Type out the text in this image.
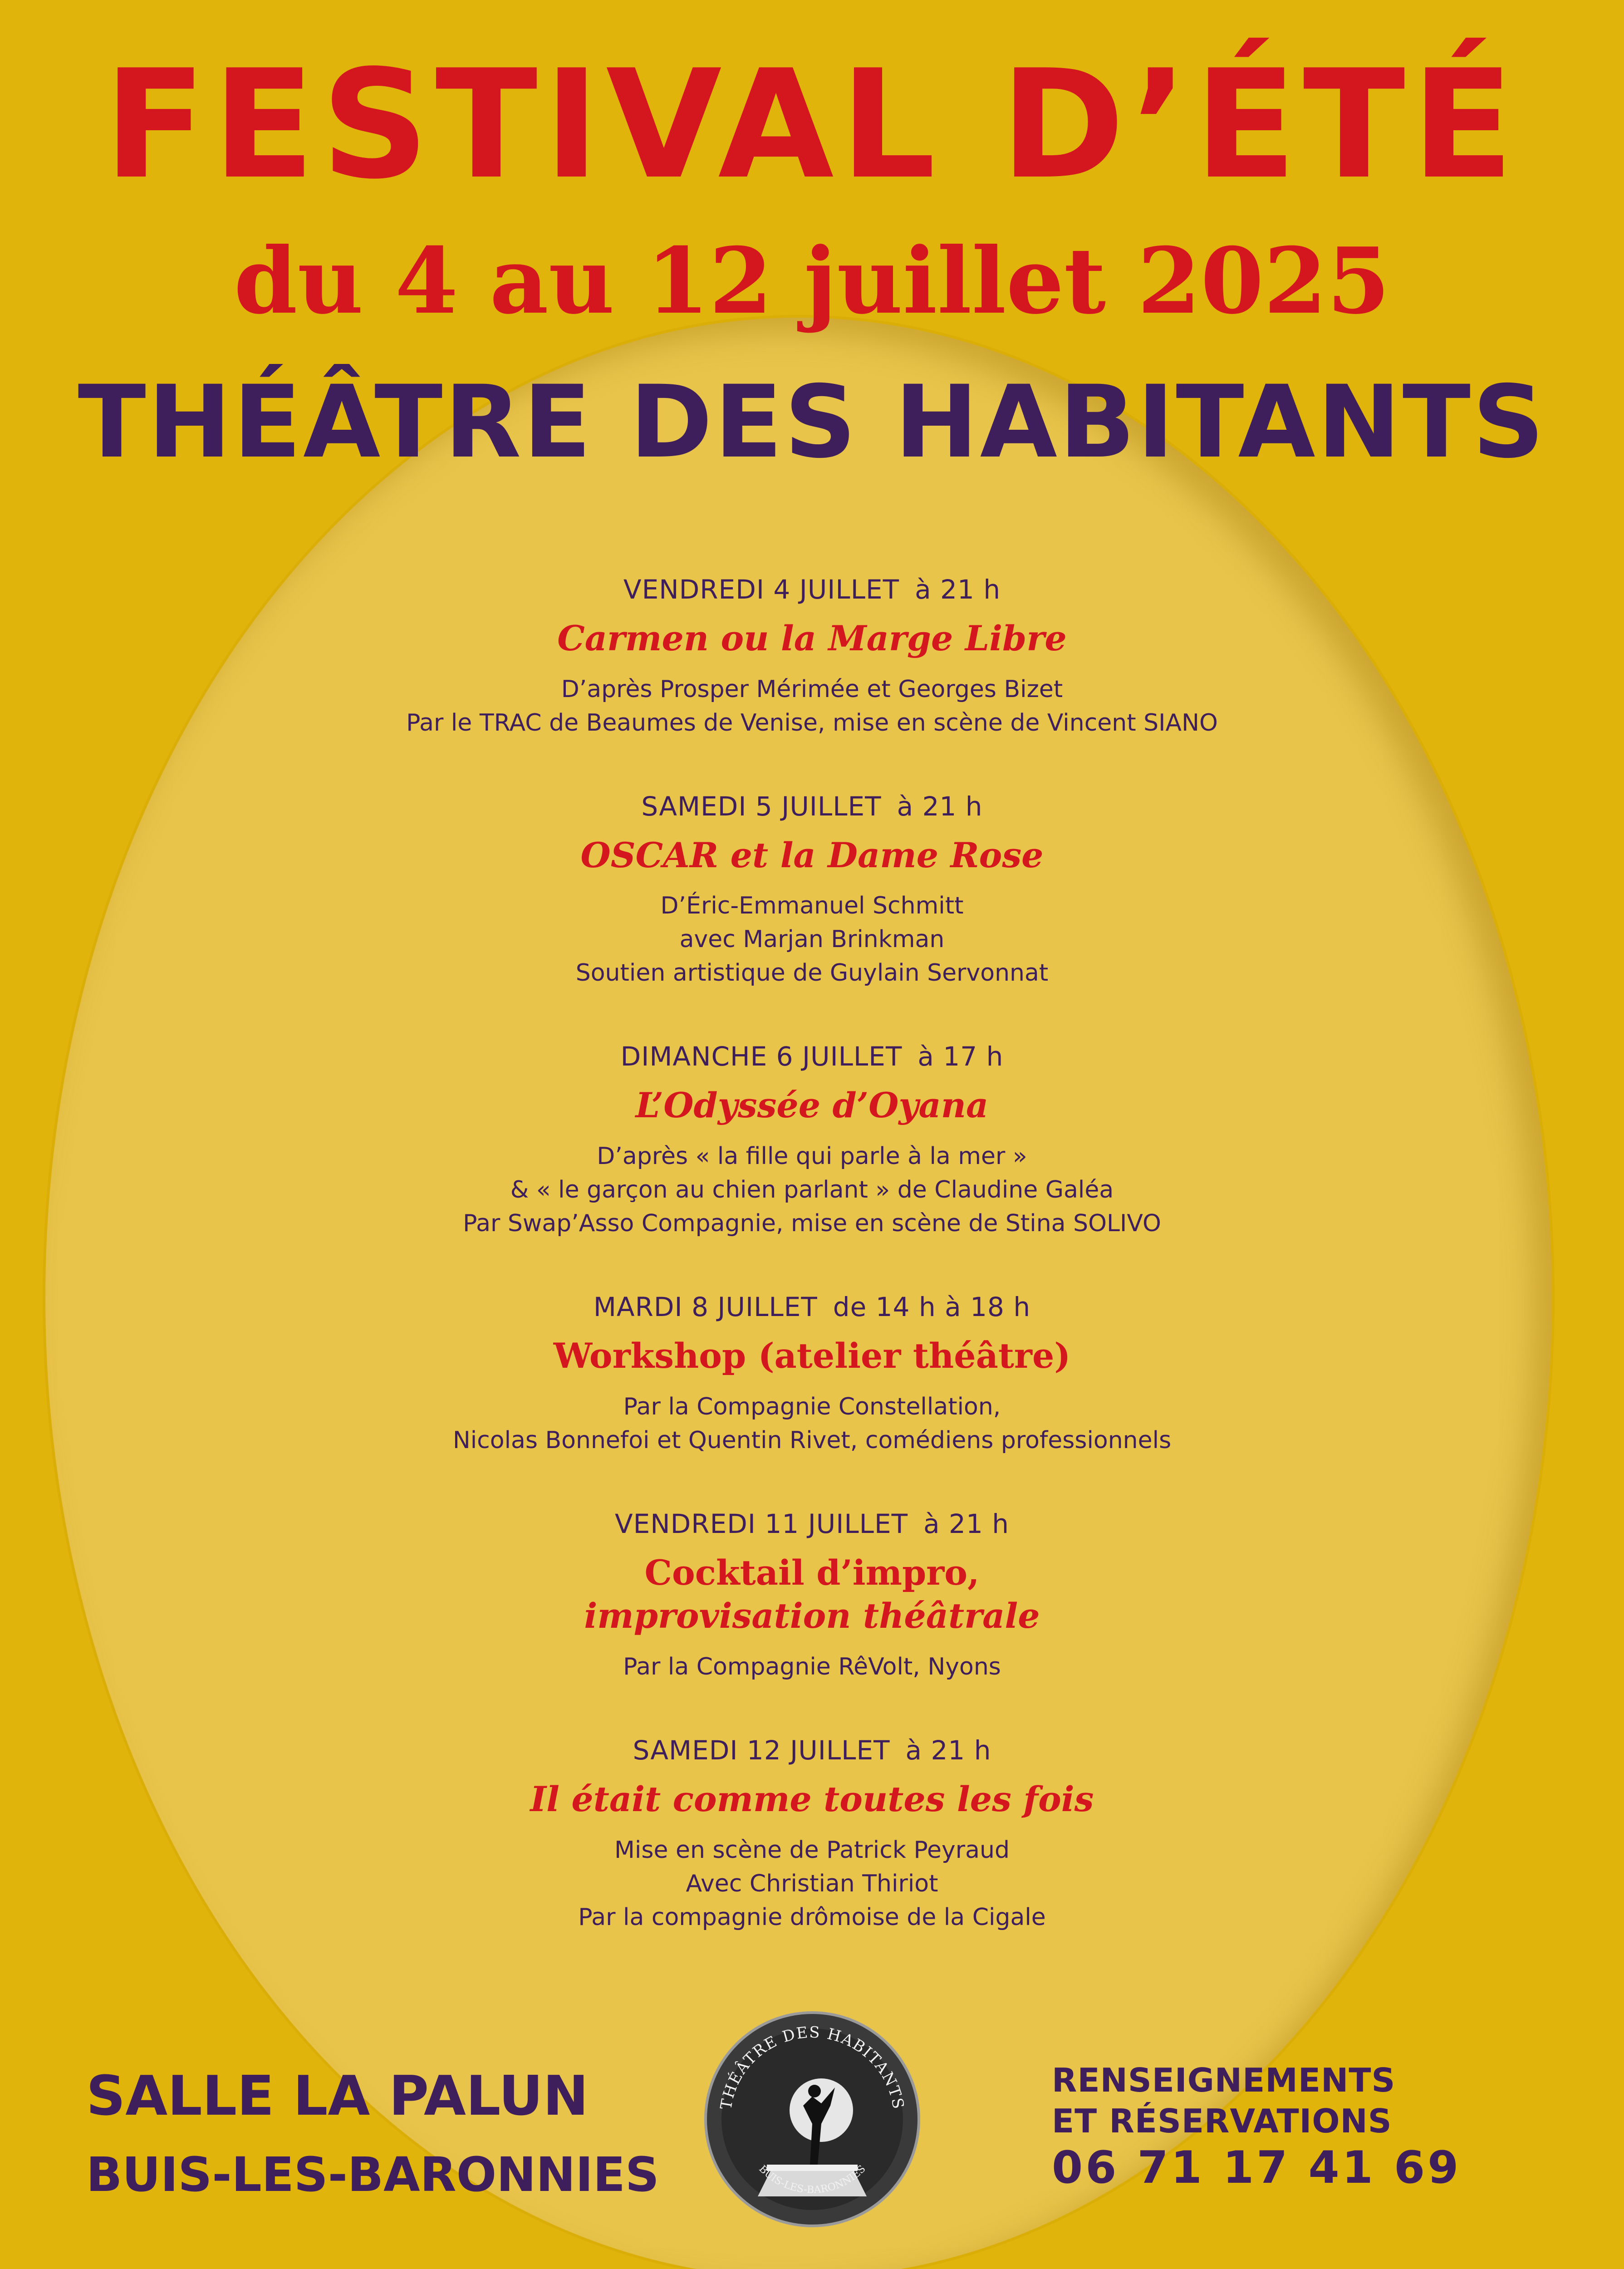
FESTIVAL D’ÉTÉ
du 4 au 12 juillet 2025
THÉÂTRE DES HABITANTS
VENDREDI 4 JUILLET à 21 h
Carmen ou la Marge Libre
D’après Prosper Mérimée et Georges Bizet
Par le TRAC de Beaumes de Venise, mise en scène de Vincent SIANO
SAMEDI 5 JUILLET à 21 h
OSCAR et la Dame Rose
D’Éric-Emmanuel Schmitt
avec Marjan Brinkman
Soutien artistique de Guylain Servonnat
DIMANCHE 6 JUILLET à 17 h
L’Odyssée d’Oyana
D’après « la fille qui parle à la mer »
& « le garçon au chien parlant » de Claudine Galéa
Par Swap’Asso Compagnie, mise en scène de Stina SOLIVO
MARDI 8 JUILLET de 14 h à 18 h
Workshop (atelier théâtre)
Par la Compagnie Constellation,
Nicolas Bonnefoi et Quentin Rivet, comédiens professionnels
VENDREDI 11 JUILLET à 21 h
Cocktail d’impro,
improvisation théâtrale
Par la Compagnie RêVolt, Nyons
SAMEDI 12 JUILLET à 21 h
Il était comme toutes les fois
Mise en scène de Patrick Peyraud
Avec Christian Thiriot
Par la compagnie drômoise de la Cigale
SALLE LA PALUN
BUIS-LES-BARONNIES
THÉÂTRE DES HABITANTS
BUIS-LES-BARONNIES
RENSEIGNEMENTS
ET RÉSERVATIONS
06 71 17 41 69
